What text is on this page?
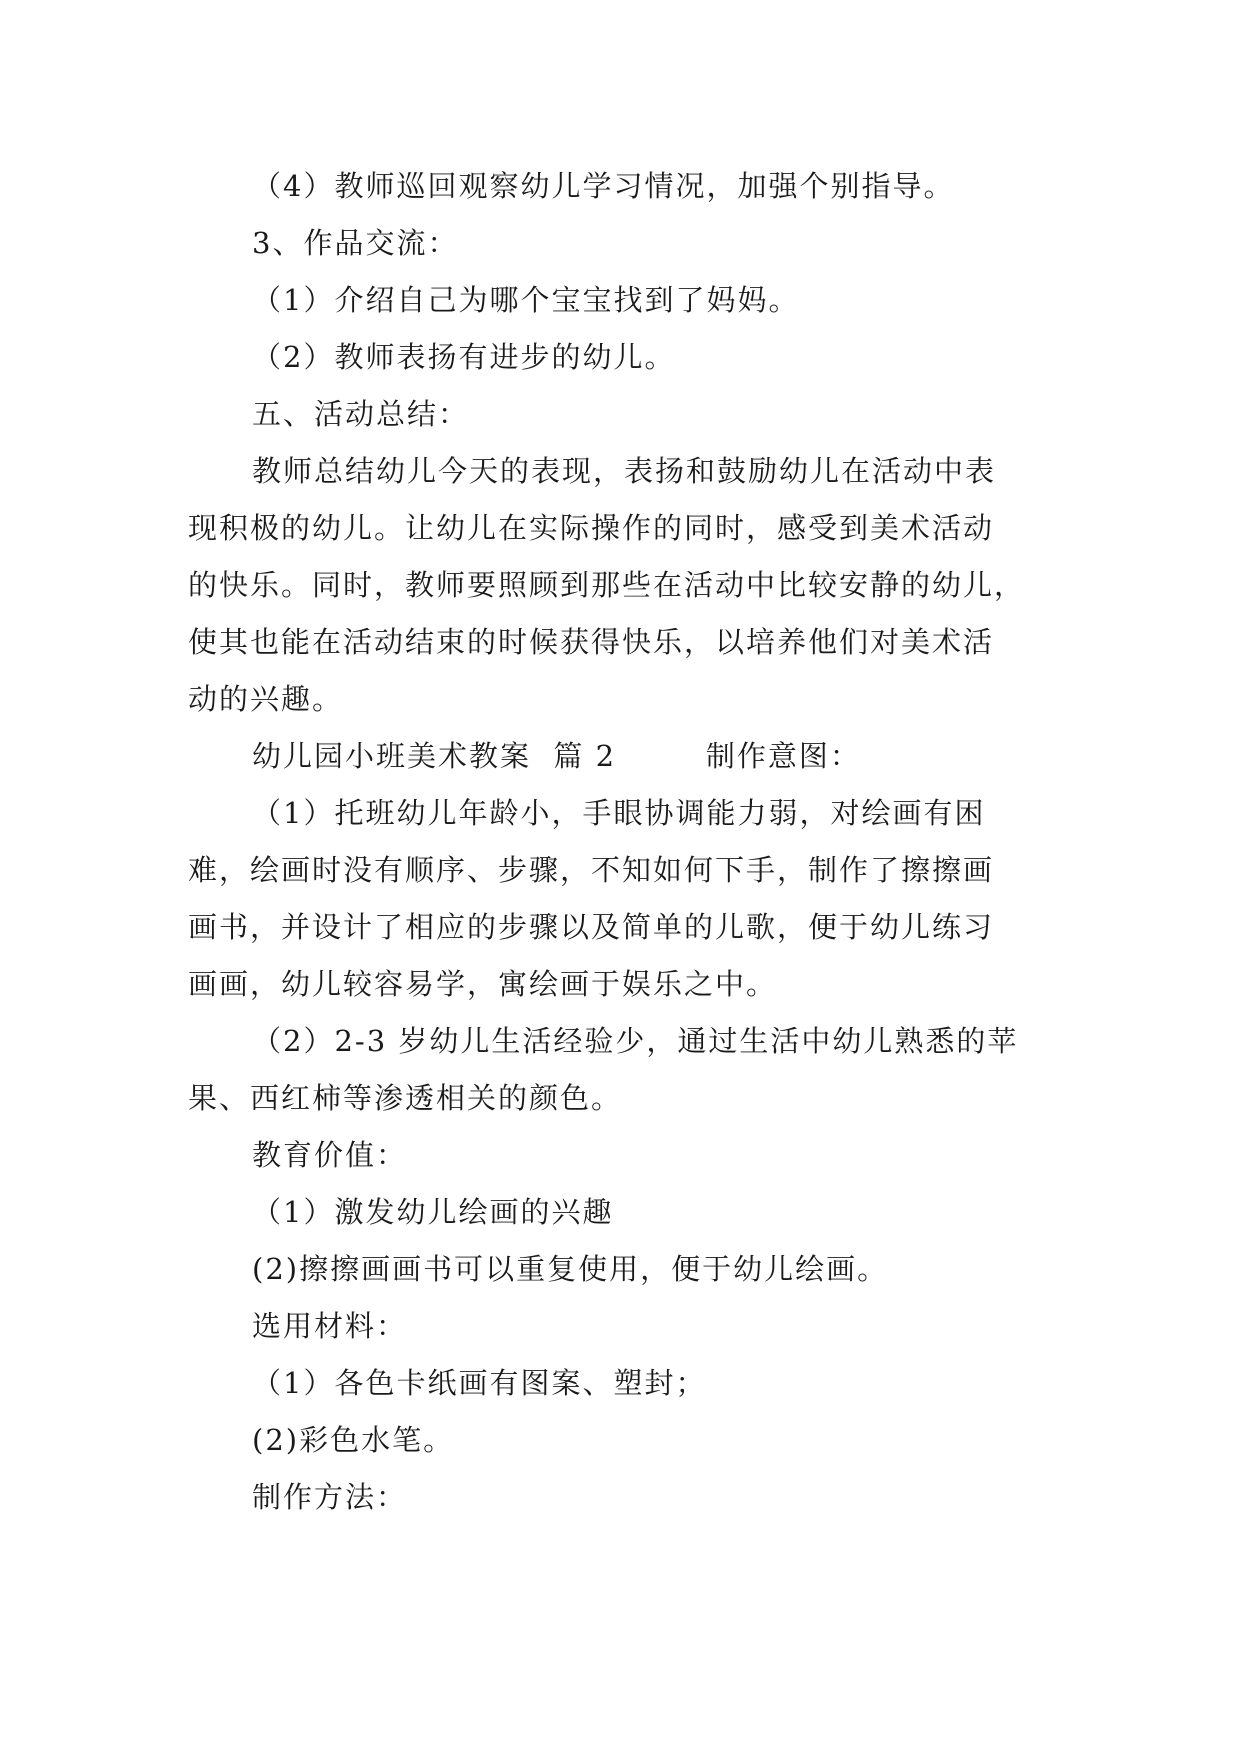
（4）教师巡回观察幼儿学习情况，加强个别指导。
3、作品交流：
（1）介绍自己为哪个宝宝找到了妈妈。
（2）教师表扬有进步的幼儿。
五、活动总结：
教师总结幼儿今天的表现，表扬和鼓励幼儿在活动中表
现积极的幼儿。让幼儿在实际操作的同时，感受到美术活动
的快乐。同时，教师要照顾到那些在活动中比较安静的幼儿，
使其也能在活动结束的时候获得快乐，以培养他们对美术活
动的兴趣。
幼儿园小班美术教案  篇 2        制作意图：
（1）托班幼儿年龄小，手眼协调能力弱，对绘画有困
难，绘画时没有顺序、步骤，不知如何下手，制作了擦擦画
画书，并设计了相应的步骤以及简单的儿歌，便于幼儿练习
画画，幼儿较容易学，寓绘画于娱乐之中。
（2）2-3 岁幼儿生活经验少，通过生活中幼儿熟悉的苹
果、西红柿等渗透相关的颜色。
教育价值：
（1）激发幼儿绘画的兴趣
(2)擦擦画画书可以重复使用，便于幼儿绘画。
选用材料：
（1）各色卡纸画有图案、塑封；
(2)彩色水笔。
制作方法：
